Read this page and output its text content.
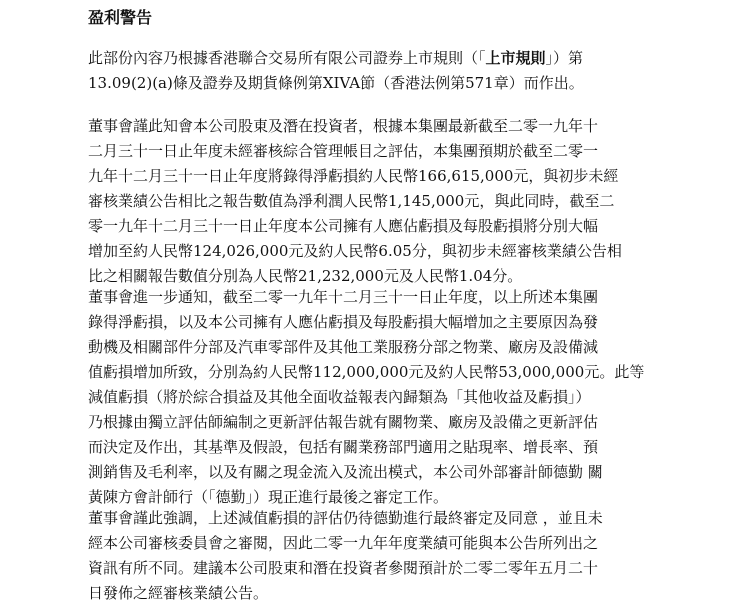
盈利警告

此部份內容乃根據香港聯合交易所有限公司證券上市規則（「上市規則」）第
13.09(2)(a)條及證券及期貨條例第XIVA節（香港法例第571章）而作出。

董事會謹此知會本公司股東及潛在投資者，根據本集團最新截至二零一九年十
二月三十一日止年度未經審核綜合管理帳目之評估，本集團預期於截至二零一
九年十二月三十一日止年度將錄得淨虧損約人民幣166,615,000元，與初步未經
審核業績公告相比之報告數值為淨利潤人民幣1,145,000元，與此同時，截至二
零一九年十二月三十一日止年度本公司擁有人應佔虧損及每股虧損將分別大幅
增加至約人民幣124,026,000元及約人民幣6.05分，與初步未經審核業績公告相
比之相關報告數值分別為人民幣21,232,000元及人民幣1.04分。

董事會進一步通知，截至二零一九年十二月三十一日止年度，以上所述本集團
錄得淨虧損，以及本公司擁有人應佔虧損及每股虧損大幅增加之主要原因為發
動機及相關部件分部及汽車零部件及其他工業服務分部之物業、廠房及設備減
值虧損增加所致，分別為約人民幣112,000,000元及約人民幣53,000,000元。此等
減值虧損（將於綜合損益及其他全面收益報表內歸類為「其他收益及虧損」）
乃根據由獨立評估師編制之更新評估報告就有關物業、廠房及設備之更新評估
而決定及作出，其基準及假設，包括有關業務部門適用之貼現率、增長率、預
測銷售及毛利率，以及有關之現金流入及流出模式，本公司外部審計師德勤 關
黃陳方會計師行（「德勤」）現正進行最後之審定工作。

董事會謹此強調，上述減值虧損的評估仍待德勤進行最終審定及同意 ，並且未
經本公司審核委員會之審閱，因此二零一九年年度業績可能與本公告所列出之
資訊有所不同。建議本公司股東和潛在投資者參閱預計於二零二零年五月二十
日發佈之經審核業績公告。
